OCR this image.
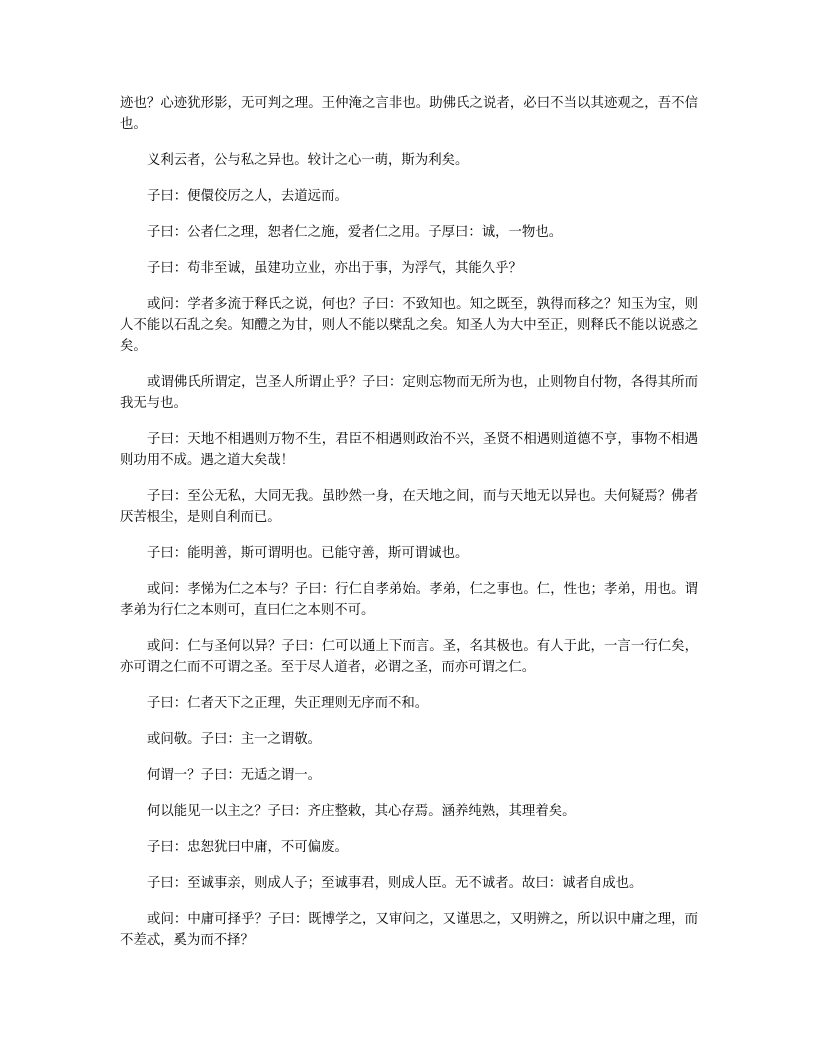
迹也？心迹犹形影，无可判之理。王仲淹之言非也。助佛氏之说者，必曰不当以其迹观之，吾不信也。

义利云者，公与私之异也。较计之心一萌，斯为利矣。

子曰：便儇佼厉之人，去道远而。

子曰：公者仁之理，恕者仁之施，爱者仁之用。子厚曰：诚，一物也。

子曰：苟非至诚，虽建功立业，亦出于事，为浮气，其能久乎？

或问：学者多流于释氏之说，何也？子曰：不致知也。知之既至，孰得而移之？知玉为宝，则人不能以石乱之矣。知醴之为甘，则人不能以檗乱之矣。知圣人为大中至正，则释氏不能以说惑之矣。

或谓佛氏所谓定，岂圣人所谓止乎？子曰：定则忘物而无所为也，止则物自付物，各得其所而我无与也。

子曰：天地不相遇则万物不生，君臣不相遇则政治不兴，圣贤不相遇则道德不亨，事物不相遇则功用不成。遇之道大矣哉！

子曰：至公无私，大同无我。虽眇然一身，在天地之间，而与天地无以异也。夫何疑焉？佛者厌苦根尘，是则自利而已。

子曰：能明善，斯可谓明也。已能守善，斯可谓诚也。

或问：孝悌为仁之本与？子曰：行仁自孝弟始。孝弟，仁之事也。仁，性也；孝弟，用也。谓孝弟为行仁之本则可，直曰仁之本则不可。

或问：仁与圣何以异？子曰：仁可以通上下而言。圣，名其极也。有人于此，一言一行仁矣，亦可谓之仁而不可谓之圣。至于尽人道者，必谓之圣，而亦可谓之仁。

子曰：仁者天下之正理，失正理则无序而不和。

或问敬。子曰：主一之谓敬。

何谓一？子曰：无适之谓一。

何以能见一以主之？子曰：齐庄整敕，其心存焉。涵养纯熟，其理着矣。

子曰：忠恕犹曰中庸，不可偏废。

子曰：至诚事亲，则成人子；至诚事君，则成人臣。无不诚者。故曰：诚者自成也。

或问：中庸可择乎？子曰：既博学之，又审问之，又谨思之，又明辨之，所以识中庸之理，而不差忒，奚为而不择？
